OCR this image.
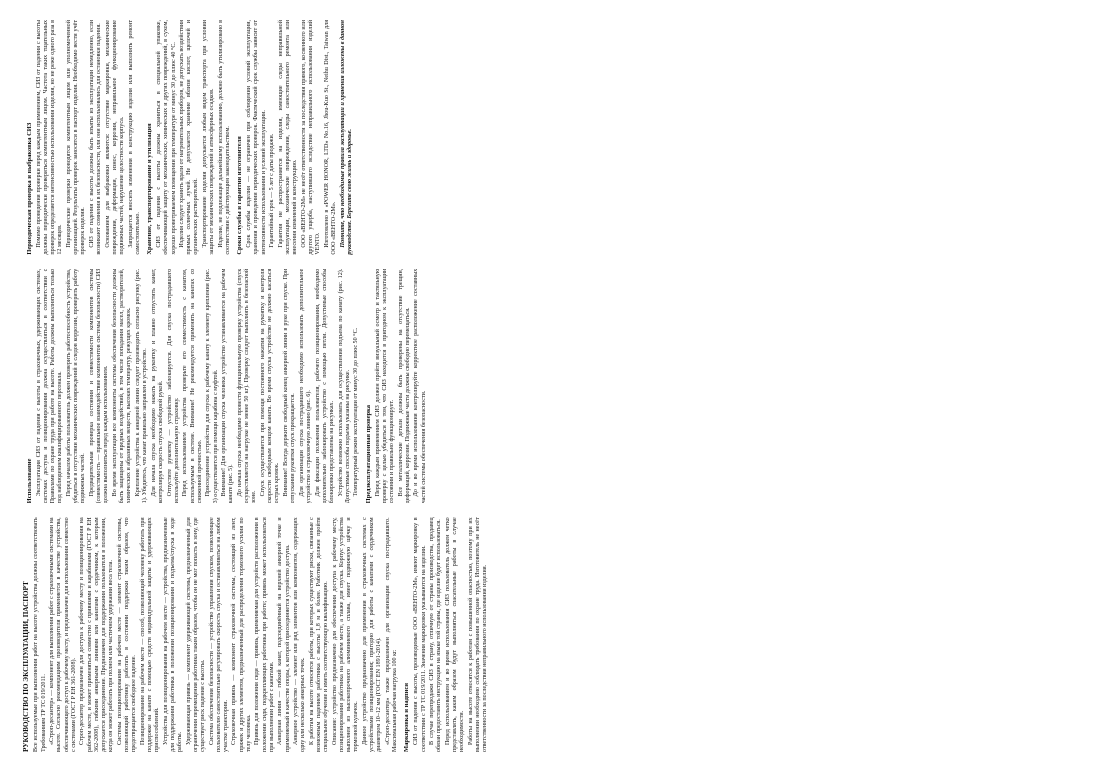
РУКОВОДСТВО ПО ЭКСПЛУАТАЦИИ, ПАСПОРТ Все используемые при выполнении работ на высоте устройства должны соответствовать Требованиям ТР ТС 019/2011. «Строп-десантер» — компонент для выполнения работ с страховочными системами на высоте. Согласно рекомендациям производителя применяется в качестве устройства, обеспечивающего доступ к рабочему месту, и предназначен для использования совместно с системами (ГОСТ Р ЕН 361-2008). Строп-десантер предназначен для доступа к рабочему месту и позиционирования на рабочем месте, и может применяться совместно с привязями и карабинами (ГОСТ Р ЕН 362-2008), гибкими анкерными линиями или канатами с сердечником, к которым допускается присоединение. Предназначен для поддержания пользователя в положении, когда он может работать при полном или частичном удержании веса тела. Системы позиционирования на рабочем месте — элемент страховочной системы, позволяющий работнику работать в состоянии поддержки таким образом, что предотвращается свободное падение. Позиционирование на рабочем месте — способ, позволяющий человеку работать при поддержке на канате с помощью средств индивидуальной защиты и удерживающих приспособлений. Устройства для позиционирования на рабочем месте — устройства, предназначенные для поддержания работника в положении позиционирования и подъема/спуска в ходе работы. Удерживающая привязь — компонент удерживающей системы, предназначенный для ограничения перемещения работника таким образом, чтобы он не мог попасть в зону, где существует риск падения с высоты. Система обеспечения безопасности — устройство управления спуском, позволяющее пользователю самостоятельно регулировать скорость спуска и останавливаться на любом участке траектории. Страховочная привязь — компонент страховочной системы, состоящий из лент, пряжек и других элементов, предназначенный для распределения тормозного усилия по телу человека. Привязь для положения сидя — привязь, применяемая для устройств расположения в положении сидя, подкрепляющих работника при работе; привязь может использоваться при выполнении работ с канатами. Анкерная линия — гибкий канат, подсоединённый на верхней анкерной точке и применяемый в качестве опоры, к которой присоединяется устройство доступа. Анкерное устройство — элемент или ряд элементов или компонентов, содержащих одну или несколько анкерных точек. К работам на высоте относятся работы, при которых существуют риски, связанные с возможным падением работника с высоты 1,8 м и более. Работник должен пройти специальное обучение и иметь соответствующую квалификацию. Описание: устройство предназначено для обеспечения доступа к рабочему месту, позиционирования работника на рабочем месте, а также для спуска. Корпус устройства выполнен из высокопрочного алюминиевого сплава, имеет подвижную щёчку и тормозной кулачок. Данное устройство предназначено для применения в страховочных системах с устройствами позиционирования; пригодно для работы с канатами с сердечником диаметром 10–12 мм (ГОСТ EN 1891-2014). «Строп-десантер» также предназначен для организации спуска пострадавшего. Максимальная рабочая нагрузка 100 кг. Маркировка и надписи СИЗ от падения с высоты, производимые ООО «ВЕНТО-2М», имеют маркировку в соответствии с ТР ТС 019/2011. Значения маркировки указываются на изделии. В случае перепродажи СИЗ в страну, отличную от страны производства, продавец обязан предоставить инструкцию на языке той страны, где изделие будет использоваться. Перед использованием и во время использования СИЗ пользователь должен четко представлять, каким образом будут выполняться спасательные работы в случае необходимости. Работы на высоте относятся к работам с повышенной опасностью, поэтому при их выполнении необходимо соблюдать требования по охране труда. Изготовитель не несёт ответственности за последствия неправильного использования изделия.

Использование Эксплуатация СИЗ от падения с высоты в страховочных, удерживающих системах, системах доступа и позиционирования должна осуществляться в соответствии с Правилами по охране труда при работе на высоте. Работы должны выполняться только под наблюдением квалифицированного персонала. Перед началом работы пользователь должен проверить работоспособность устройства, убедиться в отсутствии механических повреждений и следов коррозии, проверить работу подвижных частей. Предварительная проверка состояния и совместимости компонентов системы (совместимость — правильное взаимодействие компонентов системы безопасности) СИЗ должна выполняться перед каждым использованием. Во время эксплуатации все компоненты системы обеспечения безопасности должны быть защищены от вредных воздействий, в том числе попадания масел, растворителей, химических и абразивных веществ, высоких температур, режущих кромок. Крепление устройства к анкерной линии следует производить согласно рисунку (рис. 1). Убедитесь, что канат правильно заправлен в устройство. Для начала спуска необходимо нажать на рукоятку и плавно отпустить канат, контролируя скорость спуска свободной рукой. Отпустите рукоятку — устройство заблокируется. Для спуска пострадавшего используйте дополнительную страховку. Перед использованием устройства проверьте его совместимость с канатом, используемым в системе. Внимание! Не рекомендуется применять на канатах со сниженной прочностью. Присоединение устройства для спуска к рабочему канату к элементу крепления (рис. 3) осуществляется при помощи карабина с муфтой. Внимание! Для организации спуска человека устройство устанавливается на рабочем канате (рис. 5). До начала спуска необходимо провести функциональную проверку устройства (спуск осуществляется на нагрузке не менее 50 кг). Проверку следует выполнять в безопасной зоне.

Спуск осуществляется при помощи постоянного нажатия на рукоятку и контроля скорости свободным концом каната. Во время спуска устройство не должно касаться острых кромок. Внимание! Всегда держите свободный конец анкерной линии в руке при спуске. При отпускании рукоятки спуск прекращается. Для организации спуска пострадавшего необходимо использовать дополнительное устройство и страховочную линию (рис. 6). Для фиксации положения пользователя, рабочего позиционирования, необходимо дополнительно заблокировать устройство с помощью петли. Допустимые способы блокировки представлены на рисунках. Устройство возможно использовать для осуществления подъема по канату (рис. 12). Допустимые способы подъема указаны на рисунке. Температурный режим эксплуатации от минус 30 до плюс 50 °С. Предэксплуатационная проверка Перед каждым применением СИЗ должен пройти визуальный осмотр и тактильную проверку с целью убедиться в том, что СИЗ находится в пригодном к эксплуатации состоянии и правильно функционирует. Все металлические детали должны быть проверены на отсутствие трещин, деформаций, коррозии. Подвижные части должны свободно перемещаться. До и во время использования контролируйте корректное расположение составных частей системы обеспечения безопасности.

Периодическая проверка и выбраковка СИЗ Помимо проведения проверки перед каждым применением, СИЗ от падения с высоты должны периодически проверяться компетентным лицом. Частота таких тщательных проверок определяется интенсивностью использования изделия, но не реже одного раза в 12 месяцев. Периодические проверки проводятся компетентным лицом или уполномоченной организацией. Результаты проверок заносятся в паспорт изделия. Необходимо вести учёт проверок изделия. СИЗ от падения с высоты должны быть изъяты из эксплуатации немедленно, если возникают сомнения в их безопасности, или они использовались для остановки падения. Основанием для выбраковки являются: отсутствие маркировки, механические повреждения, деформация, износ, коррозия, неправильное функционирование подвижных частей, нарушение целостности корпуса. Запрещается вносить изменения в конструкцию изделия или выполнять ремонт самостоятельно. Хранение, транспортирование и утилизация СИЗ от падения с высоты должны храниться в специальной упаковке, обеспечивающей защиту от механических, химических и других повреждений, в сухом, хорошо проветриваемом помещении при температуре от минус 30 до плюс 40 °С. Изделия следует хранить вдали от нагревательных приборов, не допускать воздействия прямых солнечных лучей. Не допускается хранение вблизи кислот, щелочей и органических растворителей. Транспортирование изделия допускается любым видом транспорта при условии защиты от механических повреждений и атмосферных осадков. Изделие, не подлежащее дальнейшему использованию, должно быть утилизировано в соответствии с действующим законодательством. Сроки службы и гарантии изготовителя Срок службы изделия — не ограничен при соблюдении условий эксплуатации, хранения и проведении периодических проверок. Фактический срок службы зависит от интенсивности использования и условий эксплуатации. Гарантийный срок — 5 лет с даты продажи. Гарантия не распространяется на изделия, имеющие следы неправильной эксплуатации, механические повреждения, следы самостоятельного ремонта или внесения изменений в конструкцию. ООО «ВЕНТО-2М» не несёт ответственности за последствия прямого, косвенного или другого ущерба, наступившего вследствие неправильного использования изделий VENTO. Изготовлено в «POWER HONOR, LTD» No.16, Jhou-Kuo St., Neihu Dist., Taiwan для ООО «ВЕНТО-2М». Помните, что необходимые правила эксплуатации и хранения изложены в данном руководстве. Берегите свою жизнь и здоровье.
